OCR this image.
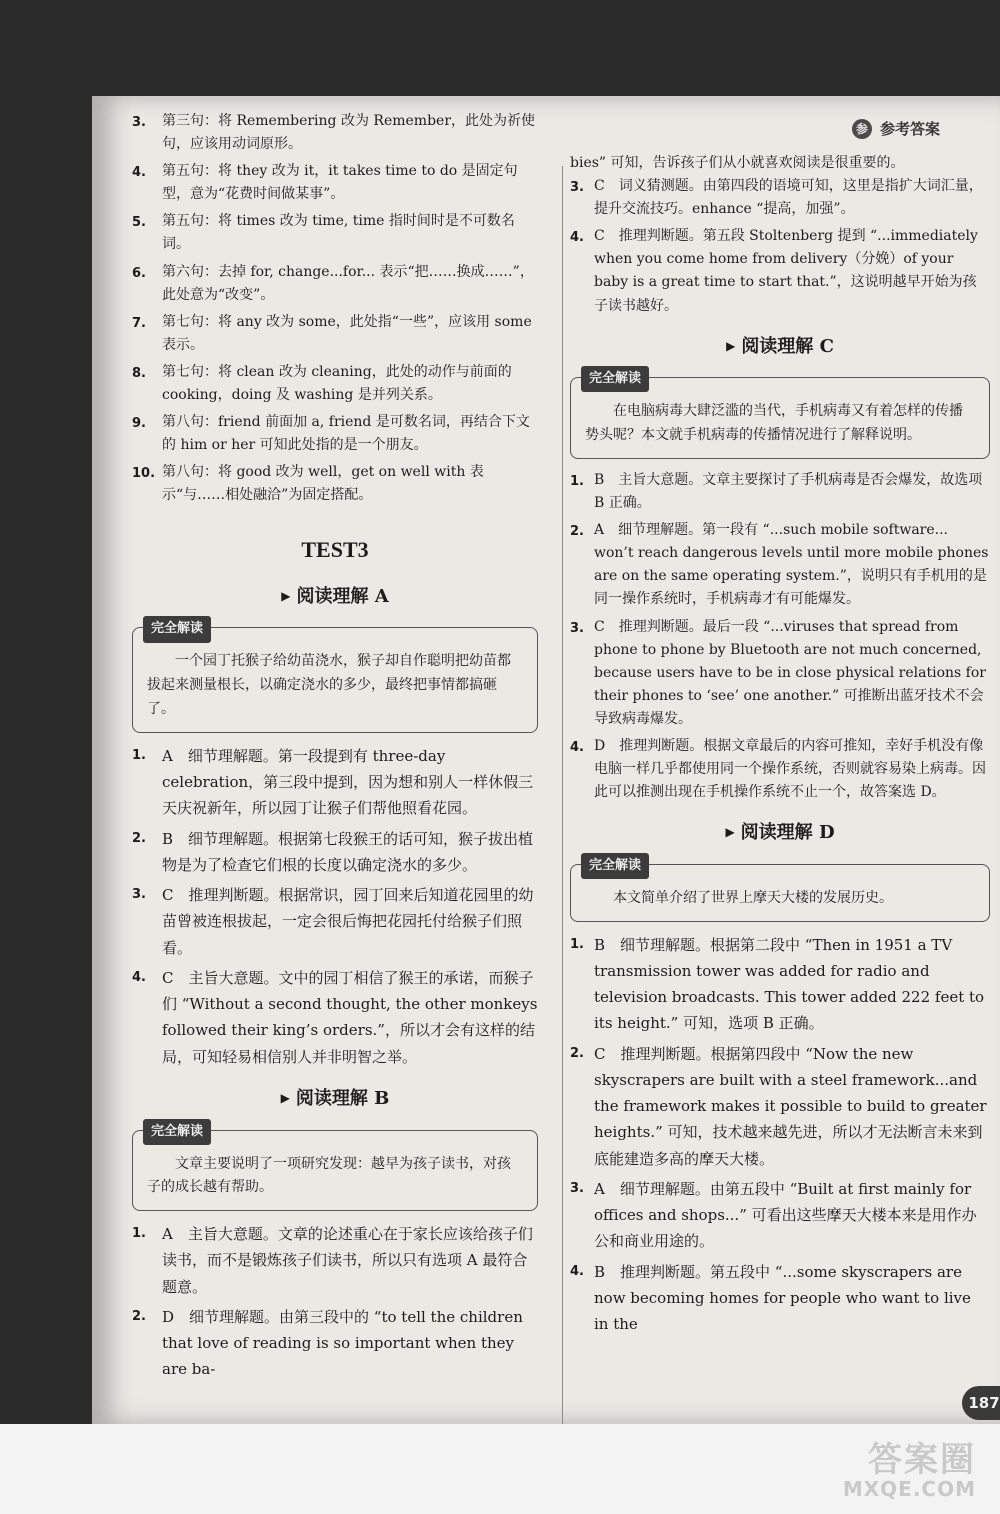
参 参考答案
3.	第三句：将 Remembering 改为 Remember，此处为祈使句，应该用动词原形。
4.	第五句：将 they 改为 it，it takes time to do 是固定句型，意为“花费时间做某事”。
5.	第五句：将 times 改为 time, time 指时间时是不可数名词。
6.	第六句：去掉 for, change...for... 表示“把……换成……”，此处意为“改变”。
7.	第七句：将 any 改为 some，此处指“一些”，应该用 some 表示。
8.	第七句：将 clean 改为 cleaning，此处的动作与前面的 cooking，doing 及 washing 是并列关系。
9.	第八句：friend 前面加 a, friend 是可数名词，再结合下文的 him or her 可知此处指的是一个朋友。
10. 第八句：将 good 改为 well，get on well with 表示“与……相处融洽”为固定搭配。
TEST3
▶ 阅读理解 A
完全解读
一个园丁托猴子给幼苗浇水，猴子却自作聪明把幼苗都拔起来测量根长，以确定浇水的多少，最终把事情都搞砸了。
1.	A　细节理解题。第一段提到有 three-day celebration，第三段中提到，因为想和别人一样休假三天庆祝新年，所以园丁让猴子们帮他照看花园。
2.	B　细节理解题。根据第七段猴王的话可知，猴子拔出植物是为了检查它们根的长度以确定浇水的多少。
3.	C　推理判断题。根据常识，园丁回来后知道花园里的幼苗曾被连根拔起，一定会很后悔把花园托付给猴子们照看。
4.	C　主旨大意题。文中的园丁相信了猴王的承诺，而猴子们 “Without a second thought, the other monkeys followed their king’s orders.”，所以才会有这样的结局，可知轻易相信别人并非明智之举。
▶ 阅读理解 B
完全解读
文章主要说明了一项研究发现：越早为孩子读书，对孩子的成长越有帮助。
1.	A　主旨大意题。文章的论述重心在于家长应该给孩子们读书，而不是锻炼孩子们读书，所以只有选项 A 最符合题意。
2.	D　细节理解题。由第三段中的 “to tell the children that love of reading is so important when they are ba-
bies” 可知，告诉孩子们从小就喜欢阅读是很重要的。
3. C　词义猜测题。由第四段的语境可知，这里是指扩大词汇量，提升交流技巧。enhance “提高，加强”。
4. C　推理判断题。第五段 Stoltenberg 提到 “...immediately when you come home from delivery（分娩）of your baby is a great time to start that.”，这说明越早开始为孩子读书越好。
▶ 阅读理解 C
完全解读
在电脑病毒大肆泛滥的当代，手机病毒又有着怎样的传播势头呢？本文就手机病毒的传播情况进行了解释说明。
1. B　主旨大意题。文章主要探讨了手机病毒是否会爆发，故选项 B 正确。
2. A　细节理解题。第一段有 “...such mobile software... won’t reach dangerous levels until more mobile phones are on the same operating system.”，说明只有手机用的是同一操作系统时，手机病毒才有可能爆发。
3. C　推理判断题。最后一段 “...viruses that spread from phone to phone by Bluetooth are not much concerned, because users have to be in close physical relations for their phones to ‘see’ one another.” 可推断出蓝牙技术不会导致病毒爆发。
4. D　推理判断题。根据文章最后的内容可推知，幸好手机没有像电脑一样几乎都使用同一个操作系统，否则就容易染上病毒。因此可以推测出现在手机操作系统不止一个，故答案选 D。
▶ 阅读理解 D
完全解读
本文简单介绍了世界上摩天大楼的发展历史。
1. B　细节理解题。根据第二段中 “Then in 1951 a TV transmission tower was added for radio and television broadcasts. This tower added 222 feet to its height.” 可知，选项 B 正确。
2. C　推理判断题。根据第四段中 “Now the new skyscrapers are built with a steel framework...and the framework makes it possible to build to greater heights.” 可知，技术越来越先进，所以才无法断言未来到底能建造多高的摩天大楼。
3. A　细节理解题。由第五段中 “Built at first mainly for offices and shops...” 可看出这些摩天大楼本来是用作办公和商业用途的。
4. B　推理判断题。第五段中 “...some skyscrapers are now becoming homes for people who want to live in the
187
答案圈
MXQE.COM
